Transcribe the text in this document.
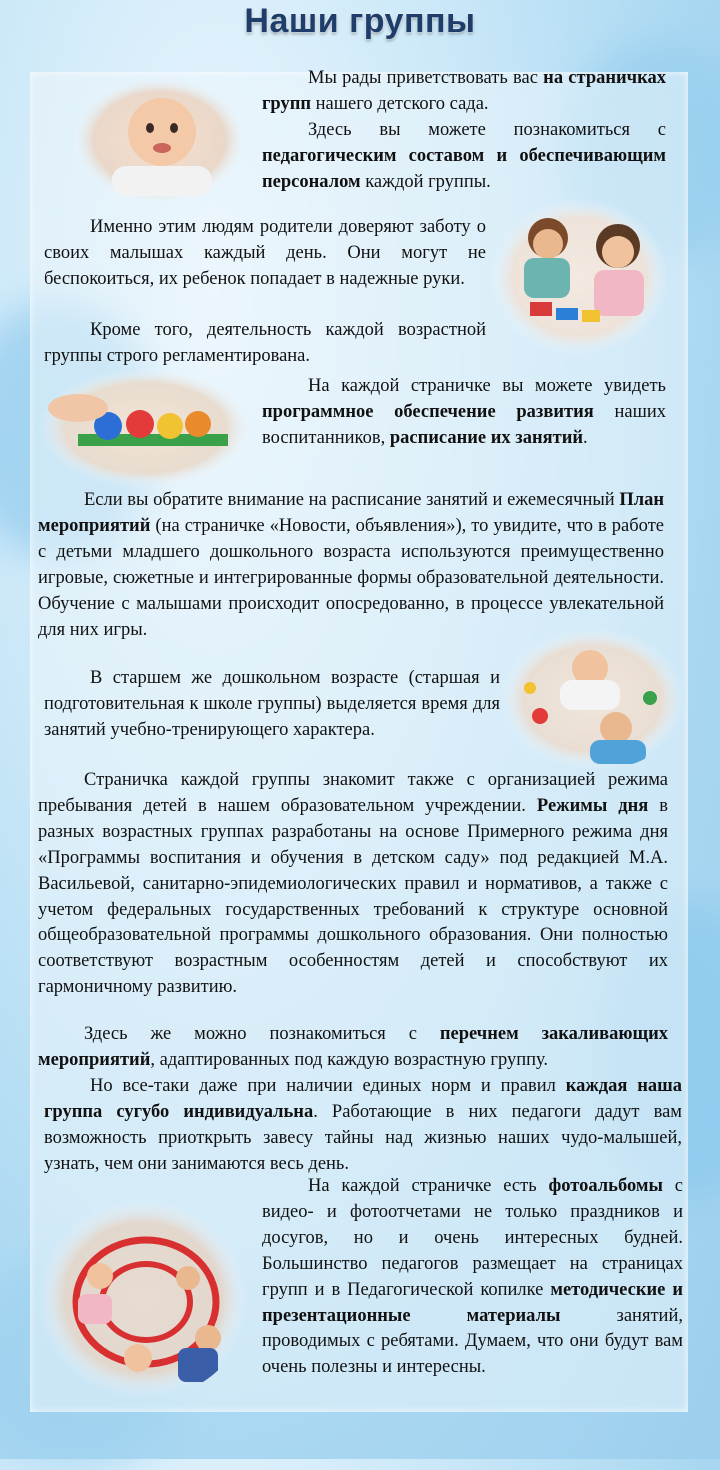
Наши группы

Мы рады приветствовать вас на страничках групп нашего детского сада.

Здесь вы можете познакомиться с педагогическим составом и обеспечивающим персоналом каждой группы.

Именно этим людям родители доверяют заботу о своих малышах каждый день. Они могут не беспокоиться, их ребенок попадает в надежные руки.

Кроме того, деятельность каждой возрастной группы строго регламентирована.

На каждой страничке вы можете увидеть программное обеспечение развития наших воспитанников, расписание их занятий.

Если вы обратите внимание на расписание занятий и ежемесячный План мероприятий (на страничке «Новости, объявления»), то увидите, что в работе с детьми младшего дошкольного возраста используются преимущественно игровые, сюжетные и интегрированные формы образовательной деятельности. Обучение с малышами происходит опосредованно, в процессе увлекательной для них игры.

В старшем же дошкольном возрасте (старшая и подготовительная к школе группы) выделяется время для занятий учебно-тренирующего характера.

Страничка каждой группы знакомит также с организацией режима пребывания детей в нашем образовательном учреждении. Режимы дня в разных возрастных группах разработаны на основе Примерного режима дня «Программы воспитания и обучения в детском саду» под редакцией М.А. Васильевой, санитарно-эпидемиологических правил и нормативов, а также с учетом федеральных государственных требований к структуре основной общеобразовательной программы дошкольного образования. Они полностью соответствуют возрастным особенностям детей и способствуют их гармоничному развитию.

Здесь же можно познакомиться с перечнем закаливающих мероприятий, адаптированных под каждую возрастную группу.

Но все-таки даже при наличии единых норм и правил каждая наша группа сугубо индивидуальна. Работающие в них педагоги дадут вам возможность приоткрыть завесу тайны над жизнью наших чудо-малышей, узнать, чем они занимаются весь день.

На каждой страничке есть фотоальбомы с видео- и фотоотчетами не только праздников и досугов, но и очень интересных будней. Большинство педагогов размещает на страницах групп и в Педагогической копилке методические и презентационные материалы занятий, проводимых с ребятами. Думаем, что они будут вам очень полезны и интересны.
